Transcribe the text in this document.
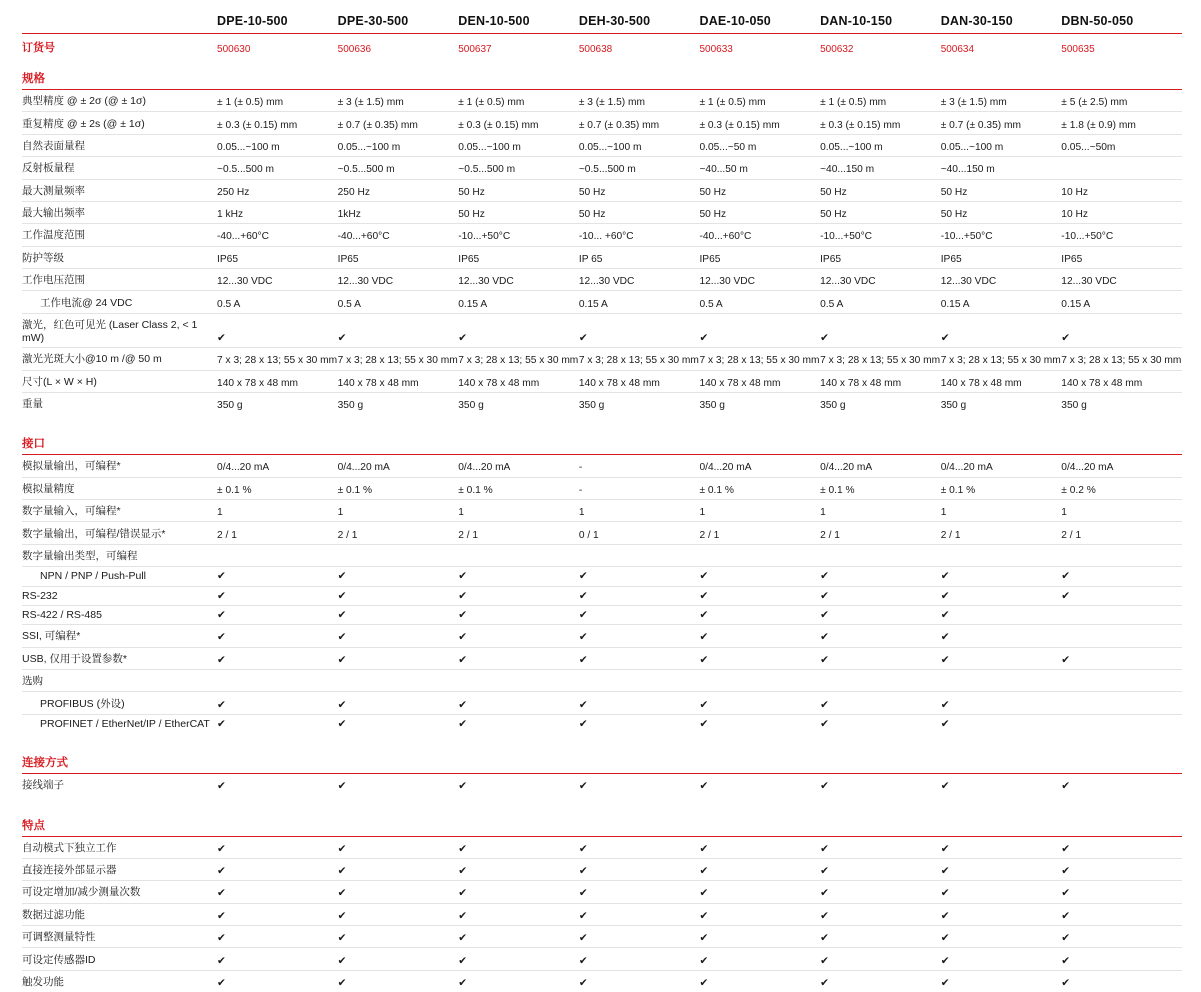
	DPE-10-500	DPE-30-500	DEN-10-500	DEH-30-500	DAE-10-050	DAN-10-150	DAN-30-150	DBN-50-050
订货号	500630	500636	500637	500638	500633	500632	500634	500635
规格								
典型精度 @ ± 2σ (@ ± 1σ)	± 1 (± 0.5) mm	± 3 (± 1.5) mm	± 1 (± 0.5) mm	± 3 (± 1.5) mm	± 1 (± 0.5) mm	± 1 (± 0.5) mm	± 3 (± 1.5) mm	± 5 (± 2.5) mm
重复精度 @ ± 2s (@ ± 1σ)	± 0.3 (± 0.15) mm	± 0.7 (± 0.35) mm	± 0.3 (± 0.15) mm	± 0.7 (± 0.35) mm	± 0.3 (± 0.15) mm	± 0.3 (± 0.15) mm	± 0.7 (± 0.35) mm	± 1.8 (± 0.9) mm
自然表面量程	0.05...~100 m	0.05...~100 m	0.05...~100 m	0.05...~100 m	0.05...~50 m	0.05...~100 m	0.05...~100 m	0.05...~50m
反射板量程	~0.5...500 m	~0.5...500 m	~0.5...500 m	~0.5...500 m	~40...50 m	~40...150 m	~40...150 m	
最大测量频率	250 Hz	250 Hz	50 Hz	50 Hz	50 Hz	50 Hz	50 Hz	10 Hz
最大输出频率	1 kHz	1kHz	50 Hz	50 Hz	50 Hz	50 Hz	50 Hz	10 Hz
工作温度范围	-40...+60°C	-40...+60°C	-10...+50°C	-10... +60°C	-40...+60°C	-10...+50°C	-10...+50°C	-10...+50°C
防护等级	IP65	IP65	IP65	IP 65	IP65	IP65	IP65	IP65
工作电压范围	12...30 VDC	12...30 VDC	12...30 VDC	12...30 VDC	12...30 VDC	12...30 VDC	12...30 VDC	12...30 VDC
工作电流@ 24 VDC	0.5 A	0.5 A	0.15 A	0.15 A	0.5 A	0.5 A	0.15 A	0.15 A
激光，红色可见光 (Laser Class 2, < 1 mW)	✔	✔	✔	✔	✔	✔	✔	✔
激光光斑大小@10 m /@ 50 m	7 x 3; 28 x 13; 55 x 30 mm	7 x 3; 28 x 13; 55 x 30 mm	7 x 3; 28 x 13; 55 x 30 mm	7 x 3; 28 x 13; 55 x 30 mm	7 x 3; 28 x 13; 55 x 30 mm	7 x 3; 28 x 13; 55 x 30 mm	7 x 3; 28 x 13; 55 x 30 mm	7 x 3; 28 x 13; 55 x 30 mm
尺寸(L × W × H)	140 x 78 x 48 mm	140 x 78 x 48 mm	140 x 78 x 48 mm	140 x 78 x 48 mm	140 x 78 x 48 mm	140 x 78 x 48 mm	140 x 78 x 48 mm	140 x 78 x 48 mm
重量	350 g	350 g	350 g	350 g	350 g	350 g	350 g	350 g

接口								
模拟量输出，可编程*	0/4...20 mA	0/4...20 mA	0/4...20 mA	-	0/4...20 mA	0/4...20 mA	0/4...20 mA	0/4...20 mA
模拟量精度	± 0.1 %	± 0.1 %	± 0.1 %	-	± 0.1 %	± 0.1 %	± 0.1 %	± 0.2 %
数字量输入，可编程*	1	1	1	1	1	1	1	1
数字量输出，可编程/错误显示*	2 / 1	2 / 1	2 / 1	0 / 1	2 / 1	2 / 1	2 / 1	2 / 1
数字量输出类型，可编程								
NPN / PNP / Push-Pull	✔	✔	✔	✔	✔	✔	✔	✔
RS-232	✔	✔	✔	✔	✔	✔	✔	✔
RS-422 / RS-485	✔	✔	✔	✔	✔	✔	✔	
SSI, 可编程*	✔	✔	✔	✔	✔	✔	✔	
USB, 仅用于设置参数*	✔	✔	✔	✔	✔	✔	✔	✔
选购								
PROFIBUS (外设)	✔	✔	✔	✔	✔	✔	✔	
PROFINET / EtherNet/IP / EtherCAT	✔	✔	✔	✔	✔	✔	✔	

连接方式								
接线端子	✔	✔	✔	✔	✔	✔	✔	✔

特点								
自动模式下独立工作	✔	✔	✔	✔	✔	✔	✔	✔
直接连接外部显示器	✔	✔	✔	✔	✔	✔	✔	✔
可设定增加/减少测量次数	✔	✔	✔	✔	✔	✔	✔	✔
数据过滤功能	✔	✔	✔	✔	✔	✔	✔	✔
可调整测量特性	✔	✔	✔	✔	✔	✔	✔	✔
可设定传感器ID	✔	✔	✔	✔	✔	✔	✔	✔
触发功能	✔	✔	✔	✔	✔	✔	✔	✔
